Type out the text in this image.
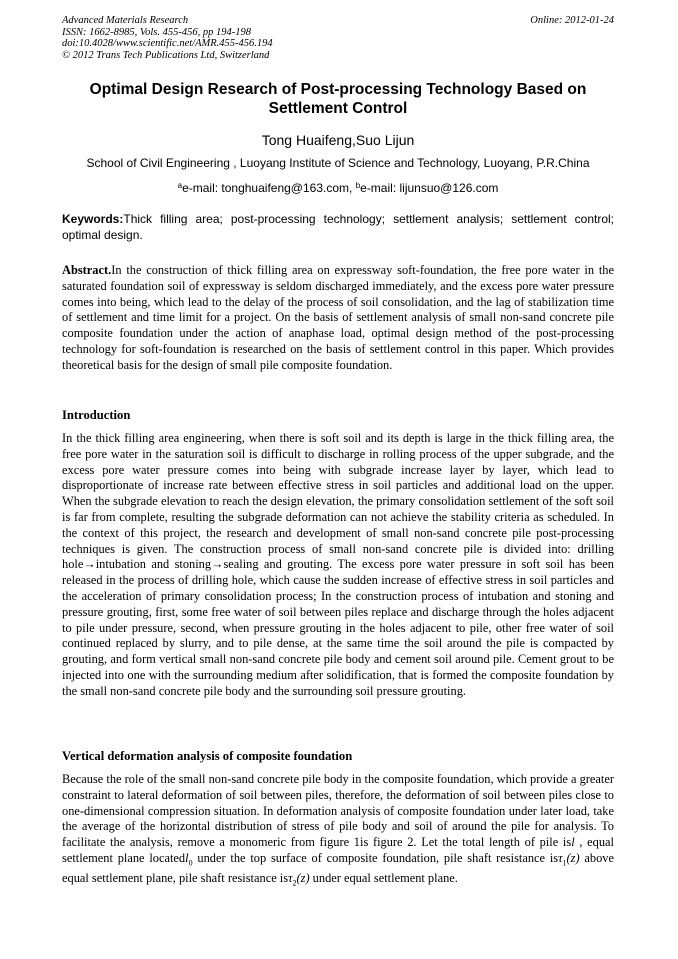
Advanced Materials Research
ISSN: 1662-8985, Vols. 455-456, pp 194-198
doi:10.4028/www.scientific.net/AMR.455-456.194
© 2012 Trans Tech Publications Ltd, Switzerland
Online: 2012-01-24
Optimal Design Research of Post-processing Technology Based on Settlement Control
Tong Huaifeng,Suo Lijun
School of Civil Engineering , Luoyang Institute of Science and Technology, Luoyang, P.R.China
$^a$e-mail: tonghuaifeng@163.com, $^b$e-mail: lijunsuo@126.com
Keywords:Thick filling area; post-processing technology; settlement analysis; settlement control; optimal design.
Abstract.In the construction of thick filling area on expressway soft-foundation, the free pore water in the saturated foundation soil of expressway is seldom discharged immediately, and the excess pore water pressure comes into being, which lead to the delay of the process of soil consolidation, and the lag of stabilization time of settlement and time limit for a project. On the basis of settlement analysis of small non-sand concrete pile composite foundation under the action of anaphase load, optimal design method of the post-processing technology for soft-foundation is researched on the basis of settlement control in this paper. Which provides theoretical basis for the design of small pile composite foundation.
Introduction
In the thick filling area engineering, when there is soft soil and its depth is large in the thick filling area, the free pore water in the saturation soil is difficult to discharge in rolling process of the upper subgrade, and the excess pore water pressure comes into being with subgrade increase layer by layer, which lead to disproportionate of increase rate between effective stress in soil particles and additional load on the upper. When the subgrade elevation to reach the design elevation, the primary consolidation settlement of the soft soil is far from complete, resulting the subgrade deformation can not achieve the stability criteria as scheduled. In the context of this project, the research and development of small non-sand concrete pile post-processing techniques is given. The construction process of small non-sand concrete pile is divided into: drilling hole→intubation and stoning→sealing and grouting. The excess pore water pressure in soft soil has been released in the process of drilling hole, which cause the sudden increase of effective stress in soil particles and the acceleration of primary consolidation process; In the construction process of intubation and stoning and pressure grouting, first, some free water of soil between piles replace and discharge through the holes adjacent to pile under pressure, second, when pressure grouting in the holes adjacent to pile, other free water of soil continued replaced by slurry, and to pile dense, at the same time the soil around the pile is compacted by grouting, and form vertical small non-sand concrete pile body and cement soil around pile. Cement grout to be injected into one with the surrounding medium after solidification, that is formed the composite foundation by the small non-sand concrete pile body and the surrounding soil pressure grouting.
Vertical deformation analysis of composite foundation
Because the role of the small non-sand concrete pile body in the composite foundation, which provide a greater constraint to lateral deformation of soil between piles, therefore, the deformation of soil between piles close to one-dimensional compression situation. In deformation analysis of composite foundation under later load, take the average of the horizontal distribution of stress of pile body and soil of around the pile for analysis. To facilitate the analysis, remove a monomeric from figure 1is figure 2. Let the total length of pile isl , equal settlement plane locatedl$_0$ under the top surface of composite foundation, pile shaft resistance isτ$_1$(z) above equal settlement plane, pile shaft resistance isτ$_2$(z) under equal settlement plane.
